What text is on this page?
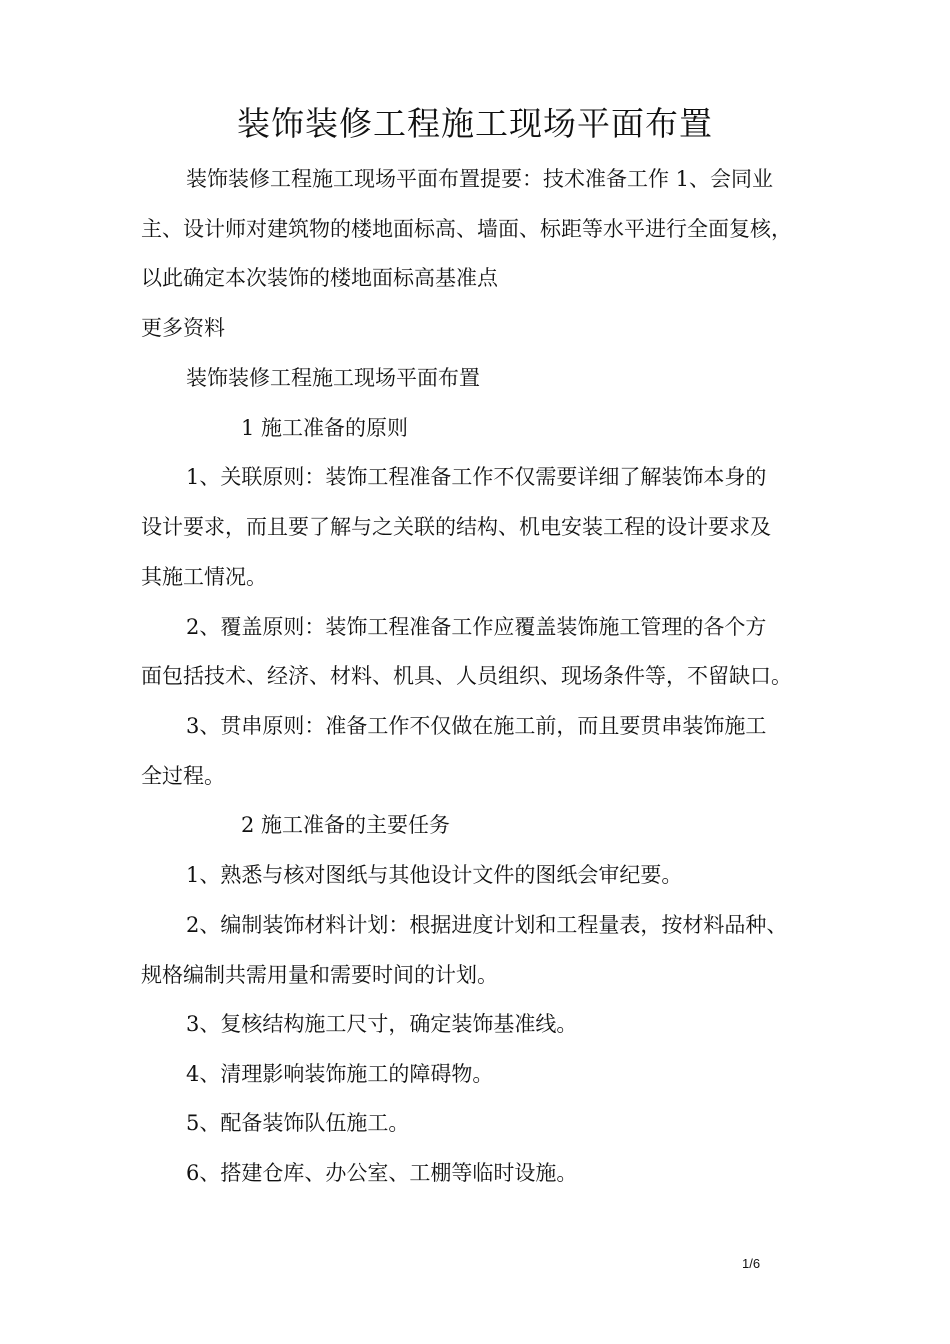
装饰装修工程施工现场平面布置
装饰装修工程施工现场平面布置提要：技术准备工作 1、会同业
主、设计师对建筑物的楼地面标高、墙面、标距等水平进行全面复核，
以此确定本次装饰的楼地面标高基准点
更多资料
装饰装修工程施工现场平面布置
1 施工准备的原则
1、关联原则：装饰工程准备工作不仅需要详细了解装饰本身的
设计要求，而且要了解与之关联的结构、机电安装工程的设计要求及
其施工情况。
2、覆盖原则：装饰工程准备工作应覆盖装饰施工管理的各个方
面包括技术、经济、材料、机具、人员组织、现场条件等，不留缺口。
3、贯串原则：准备工作不仅做在施工前，而且要贯串装饰施工
全过程。
2 施工准备的主要任务
1、熟悉与核对图纸与其他设计文件的图纸会审纪要。
2、编制装饰材料计划：根据进度计划和工程量表，按材料品种、
规格编制共需用量和需要时间的计划。
3、复核结构施工尺寸，确定装饰基准线。
4、清理影响装饰施工的障碍物。
5、配备装饰队伍施工。
6、搭建仓库、办公室、工棚等临时设施。
1/6
